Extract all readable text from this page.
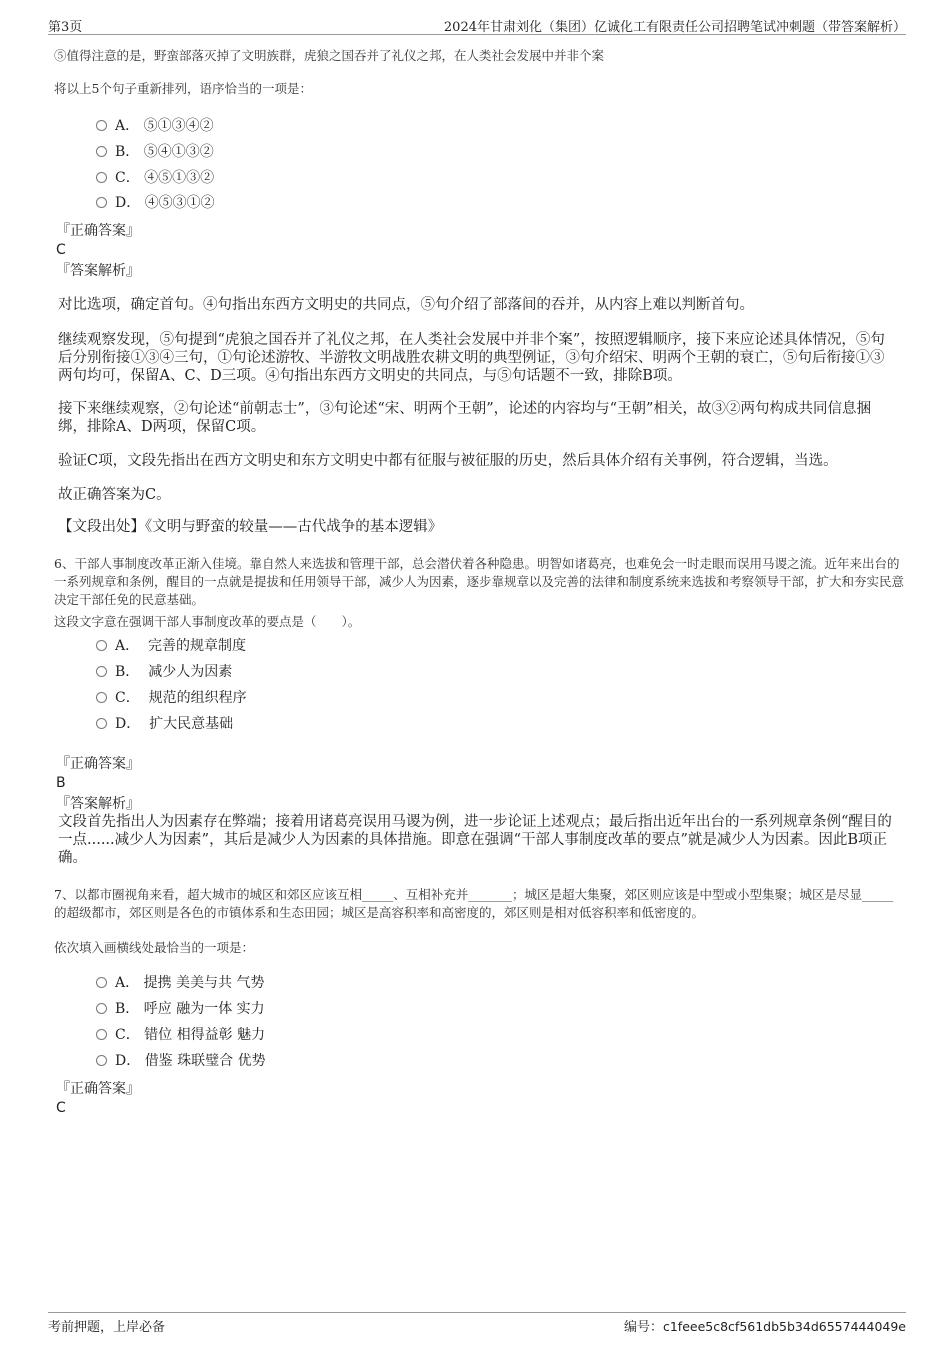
第3页	2024年甘肃刘化（集团）亿诚化工有限责任公司招聘笔试冲刺题（带答案解析）
⑤值得注意的是，野蛮部落灭掉了文明族群，虎狼之国吞并了礼仪之邦，在人类社会发展中并非个案
将以上5个句子重新排列，语序恰当的一项是：
A． ⑤①③④②
B． ⑤④①③②
C． ④⑤①③②
D． ④⑤③①②
『正确答案』
C
『答案解析』
对比选项，确定首句。④句指出东西方文明史的共同点，⑤句介绍了部落间的吞并，从内容上难以判断首句。
继续观察发现，⑤句提到“虎狼之国吞并了礼仪之邦，在人类社会发展中并非个案”，按照逻辑顺序，接下来应论述具体情况，⑤句后分别衔接①③④三句，①句论述游牧、半游牧文明战胜农耕文明的典型例证，③句介绍宋、明两个王朝的衰亡，⑤句后衔接①③两句均可，保留A、C、D三项。④句指出东西方文明史的共同点，与⑤句话题不一致，排除B项。
接下来继续观察，②句论述“前朝志士”，③句论述“宋、明两个王朝”，论述的内容均与“王朝”相关，故③②两句构成共同信息捆绑，排除A、D两项，保留C项。
验证C项，文段先指出在西方文明史和东方文明史中都有征服与被征服的历史，然后具体介绍有关事例，符合逻辑，当选。
故正确答案为C。
【文段出处】《文明与野蛮的较量——古代战争的基本逻辑》
6、干部人事制度改革正渐入佳境。靠自然人来选拔和管理干部，总会潜伏着各种隐患。明智如诸葛亮，也难免会一时走眼而误用马谡之流。近年来出台的一系列规章和条例，醒目的一点就是提拔和任用领导干部，减少人为因素，逐步靠规章以及完善的法律和制度系统来选拔和考察领导干部，扩大和夯实民意决定干部任免的民意基础。
这段文字意在强调干部人事制度改革的要点是（　　）。
A． 完善的规章制度
B． 减少人为因素
C． 规范的组织程序
D． 扩大民意基础
『正确答案』
B
『答案解析』
文段首先指出人为因素存在弊端；接着用诸葛亮误用马谡为例，进一步论证上述观点；最后指出近年出台的一系列规章条例“醒目的一点......减少人为因素”，其后是减少人为因素的具体措施。即意在强调“干部人事制度改革的要点”就是减少人为因素。因此B项正确。
7、以都市圈视角来看，超大城市的城区和郊区应该互相_____、互相补充并_______；城区是超大集聚，郊区则应该是中型或小型集聚；城区是尽显_____的超级都市，郊区则是各色的市镇体系和生态田园；城区是高容积率和高密度的，郊区则是相对低容积率和低密度的。
依次填入画横线处最恰当的一项是：
A． 提携 美美与共 气势
B． 呼应 融为一体 实力
C． 错位 相得益彰 魅力
D． 借鉴 珠联璧合 优势
『正确答案』
C
考前押题，上岸必备	编号：c1feee5c8cf561db5b34d6557444049e
